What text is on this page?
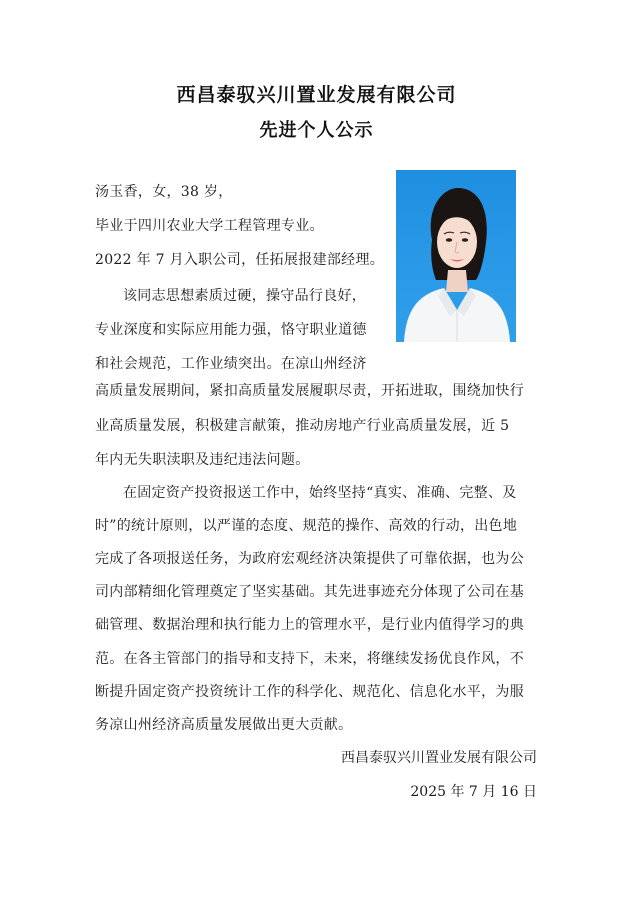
西昌泰驭兴川置业发展有限公司
先进个人公示
汤玉香，女，38 岁，
毕业于四川农业大学工程管理专业。
2022 年 7 月入职公司，任拓展报建部经理。
该同志思想素质过硬，操守品行良好，
专业深度和实际应用能力强，恪守职业道德
和社会规范，工作业绩突出。在凉山州经济
高质量发展期间，紧扣高质量发展履职尽责，开拓进取，围绕加快行
业高质量发展，积极建言献策，推动房地产行业高质量发展，近 5
年内无失职渎职及违纪违法问题。
在固定资产投资报送工作中，始终坚持“真实、准确、完整、及
时”的统计原则，以严谨的态度、规范的操作、高效的行动，出色地
完成了各项报送任务，为政府宏观经济决策提供了可靠依据，也为公
司内部精细化管理奠定了坚实基础。其先进事迹充分体现了公司在基
础管理、数据治理和执行能力上的管理水平，是行业内值得学习的典
范。在各主管部门的指导和支持下，未来，将继续发扬优良作风，不
断提升固定资产投资统计工作的科学化、规范化、信息化水平，为服
务凉山州经济高质量发展做出更大贡献。
西昌泰驭兴川置业发展有限公司
2025 年 7 月 16 日
